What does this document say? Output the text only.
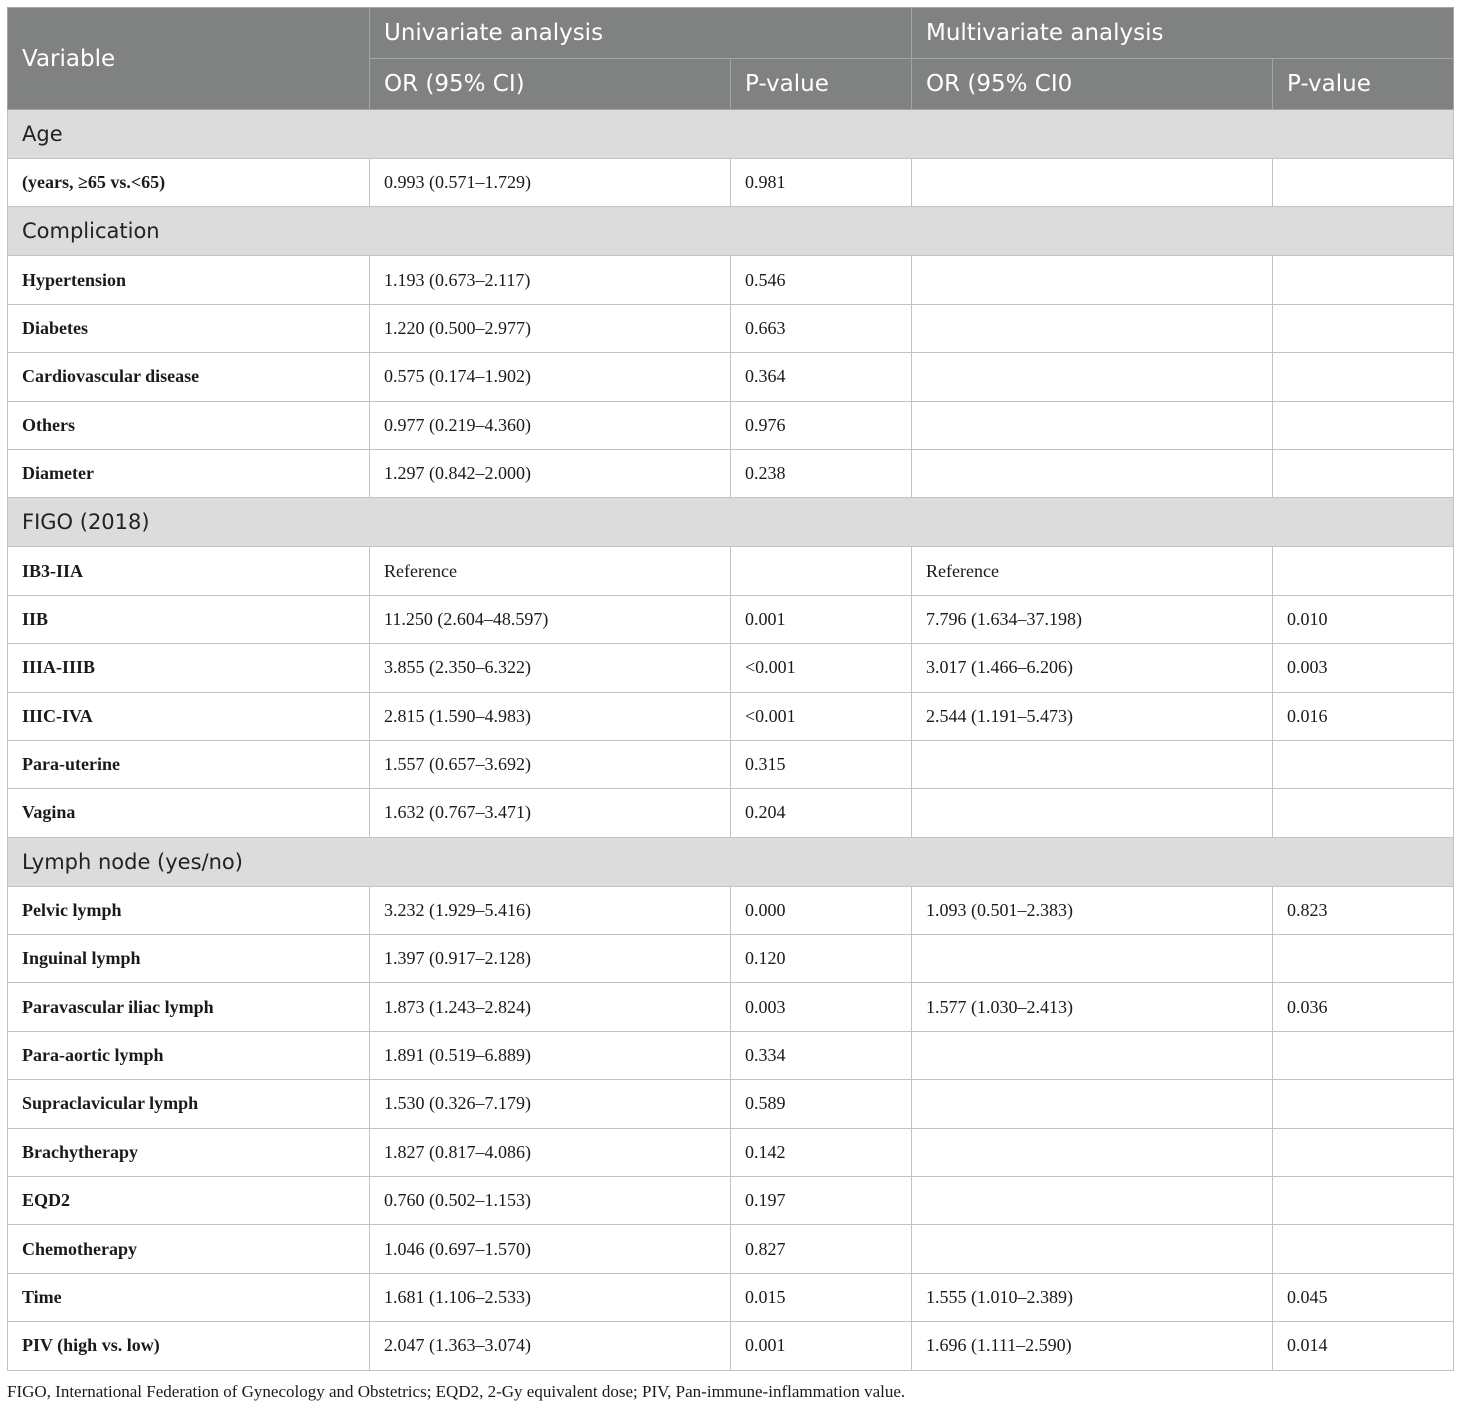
Variable	Univariate analysis		Multivariate analysis	
	OR (95% CI)	P-value	OR (95% CI0	P-value
Age				
(years, ≥65 vs.<65)	0.993 (0.571–1.729)	0.981		
Complication				
Hypertension	1.193 (0.673–2.117)	0.546		
Diabetes	1.220 (0.500–2.977)	0.663		
Cardiovascular disease	0.575 (0.174–1.902)	0.364		
Others	0.977 (0.219–4.360)	0.976		
Diameter	1.297 (0.842–2.000)	0.238		
FIGO (2018)				
IB3-IIA	Reference		Reference	
IIB	11.250 (2.604–48.597)	0.001	7.796 (1.634–37.198)	0.010
IIIA-IIIB	3.855 (2.350–6.322)	<0.001	3.017 (1.466–6.206)	0.003
IIIC-IVA	2.815 (1.590–4.983)	<0.001	2.544 (1.191–5.473)	0.016
Para-uterine	1.557 (0.657–3.692)	0.315		
Vagina	1.632 (0.767–3.471)	0.204		
Lymph node (yes/no)				
Pelvic lymph	3.232 (1.929–5.416)	0.000	1.093 (0.501–2.383)	0.823
Inguinal lymph	1.397 (0.917–2.128)	0.120		
Paravascular iliac lymph	1.873 (1.243–2.824)	0.003	1.577 (1.030–2.413)	0.036
Para-aortic lymph	1.891 (0.519–6.889)	0.334		
Supraclavicular lymph	1.530 (0.326–7.179)	0.589		
Brachytherapy	1.827 (0.817–4.086)	0.142		
EQD2	0.760 (0.502–1.153)	0.197		
Chemotherapy	1.046 (0.697–1.570)	0.827		
Time	1.681 (1.106–2.533)	0.015	1.555 (1.010–2.389)	0.045
PIV (high vs. low)	2.047 (1.363–3.074)	0.001	1.696 (1.111–2.590)	0.014
FIGO, International Federation of Gynecology and Obstetrics; EQD2, 2-Gy equivalent dose; PIV, Pan-immune-inflammation value.
